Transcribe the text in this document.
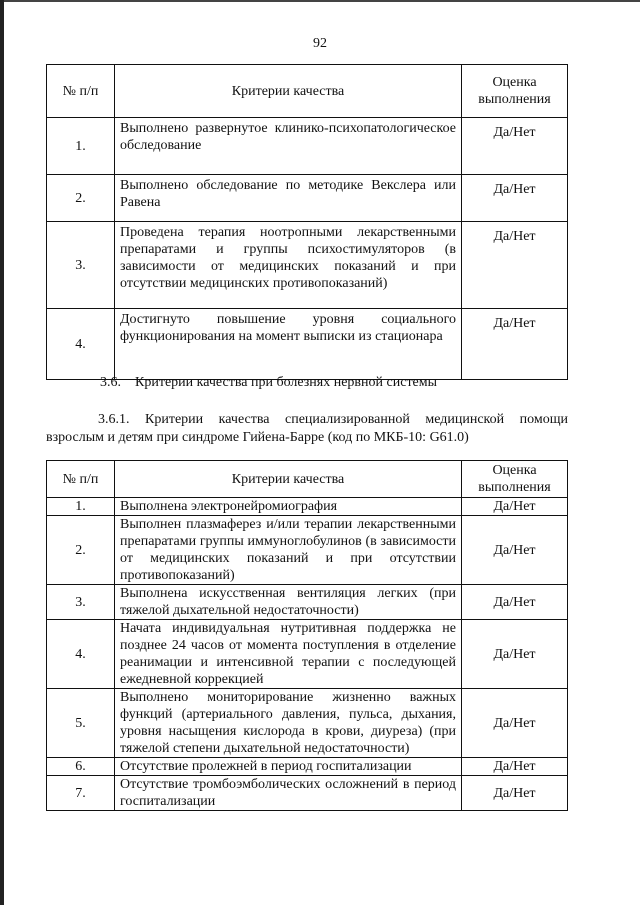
92
№ п/п	Критерии качества	Оценка выполнения
1.	Выполнено развернутое клинико-психопатологическое обследование	Да/Нет
2.	Выполнено обследование по методике Векслера или Равена	Да/Нет
3.	Проведена терапия ноотропными лекарственными препаратами и группы психостимуляторов (в зависимости от медицинских показаний и при отсутствии медицинских противопоказаний)	Да/Нет
4.	Достигнуто повышение уровня социального функционирования на момент выписки из стационара	Да/Нет
3.6. Критерии качества при болезнях нервной системы
3.6.1. Критерии качества специализированной медицинской помощи взрослым и детям при синдроме Гийена-Барре (код по МКБ-10: G61.0)
№ п/п	Критерии качества	Оценка выполнения
1.	Выполнена электронейромиография	Да/Нет
2.	Выполнен плазмаферез и/или терапии лекарственными препаратами группы иммуноглобулинов (в зависимости от медицинских показаний и при отсутствии противопоказаний)	Да/Нет
3.	Выполнена искусственная вентиляция легких (при тяжелой дыхательной недостаточности)	Да/Нет
4.	Начата индивидуальная нутритивная поддержка не позднее 24 часов от момента поступления в отделение реанимации и интенсивной терапии с последующей ежедневной коррекцией	Да/Нет
5.	Выполнено мониторирование жизненно важных функций (артериального давления, пульса, дыхания, уровня насыщения кислорода в крови, диуреза) (при тяжелой степени дыхательной недостаточности)	Да/Нет
6.	Отсутствие пролежней в период госпитализации	Да/Нет
7.	Отсутствие тромбоэмболических осложнений в период госпитализации	Да/Нет
